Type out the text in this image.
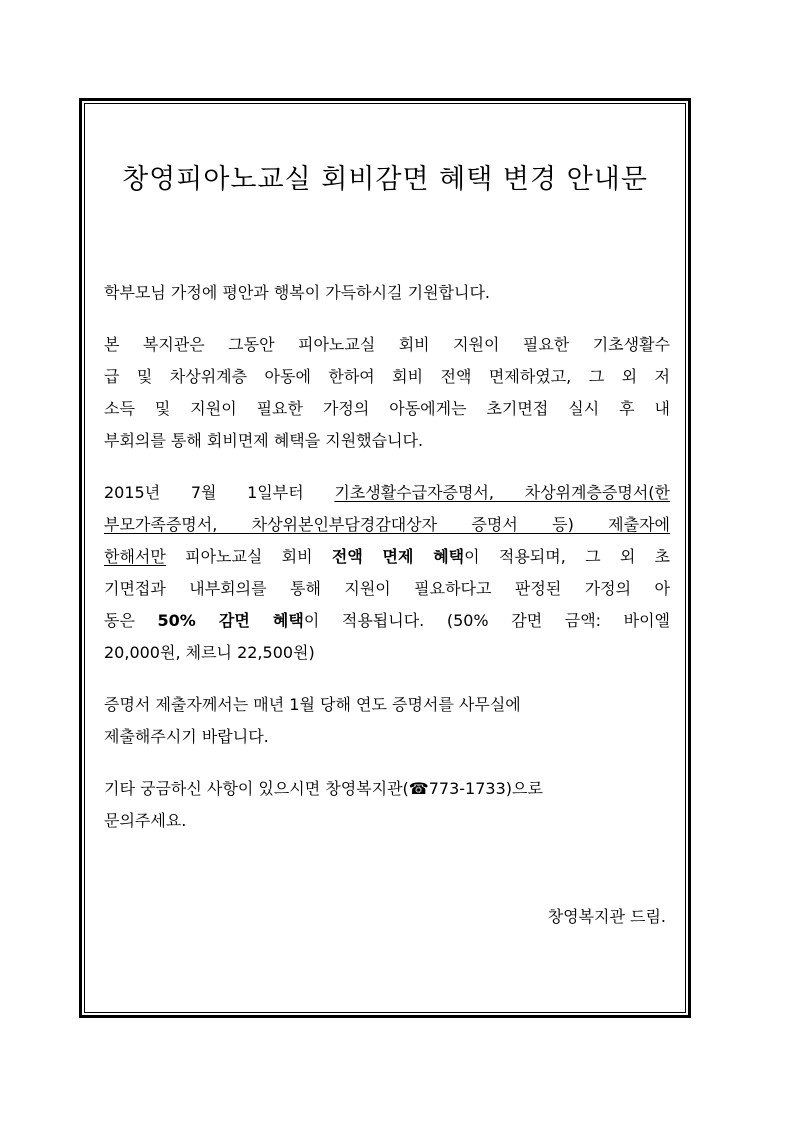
창영피아노교실 회비감면 혜택 변경 안내문
학부모님 가정에 평안과 행복이 가득하시길 기원합니다.
본 복지관은 그동안 피아노교실 회비 지원이 필요한 기초생활수
급 및 차상위계층 아동에 한하여 회비 전액 면제하였고, 그 외 저
소득 및 지원이 필요한 가정의 아동에게는 초기면접 실시 후 내
부회의를 통해 회비면제 혜택을 지원했습니다.
2015년 7월 1일부터 기초생활수급자증명서, 차상위계층증명서(한
부모가족증명서, 차상위본인부담경감대상자 증명서 등) 제출자에
한해서만 피아노교실 회비 전액 면제 혜택이 적용되며, 그 외 초
기면접과 내부회의를 통해 지원이 필요하다고 판정된 가정의 아
동은 50% 감면 혜택이 적용됩니다. (50% 감면 금액: 바이엘
20,000원, 체르니 22,500원)
증명서 제출자께서는 매년 1월 당해 연도 증명서를 사무실에
제출해주시기 바랍니다.
기타 궁금하신 사항이 있으시면 창영복지관(☎773-1733)으로
문의주세요.
창영복지관 드림.
